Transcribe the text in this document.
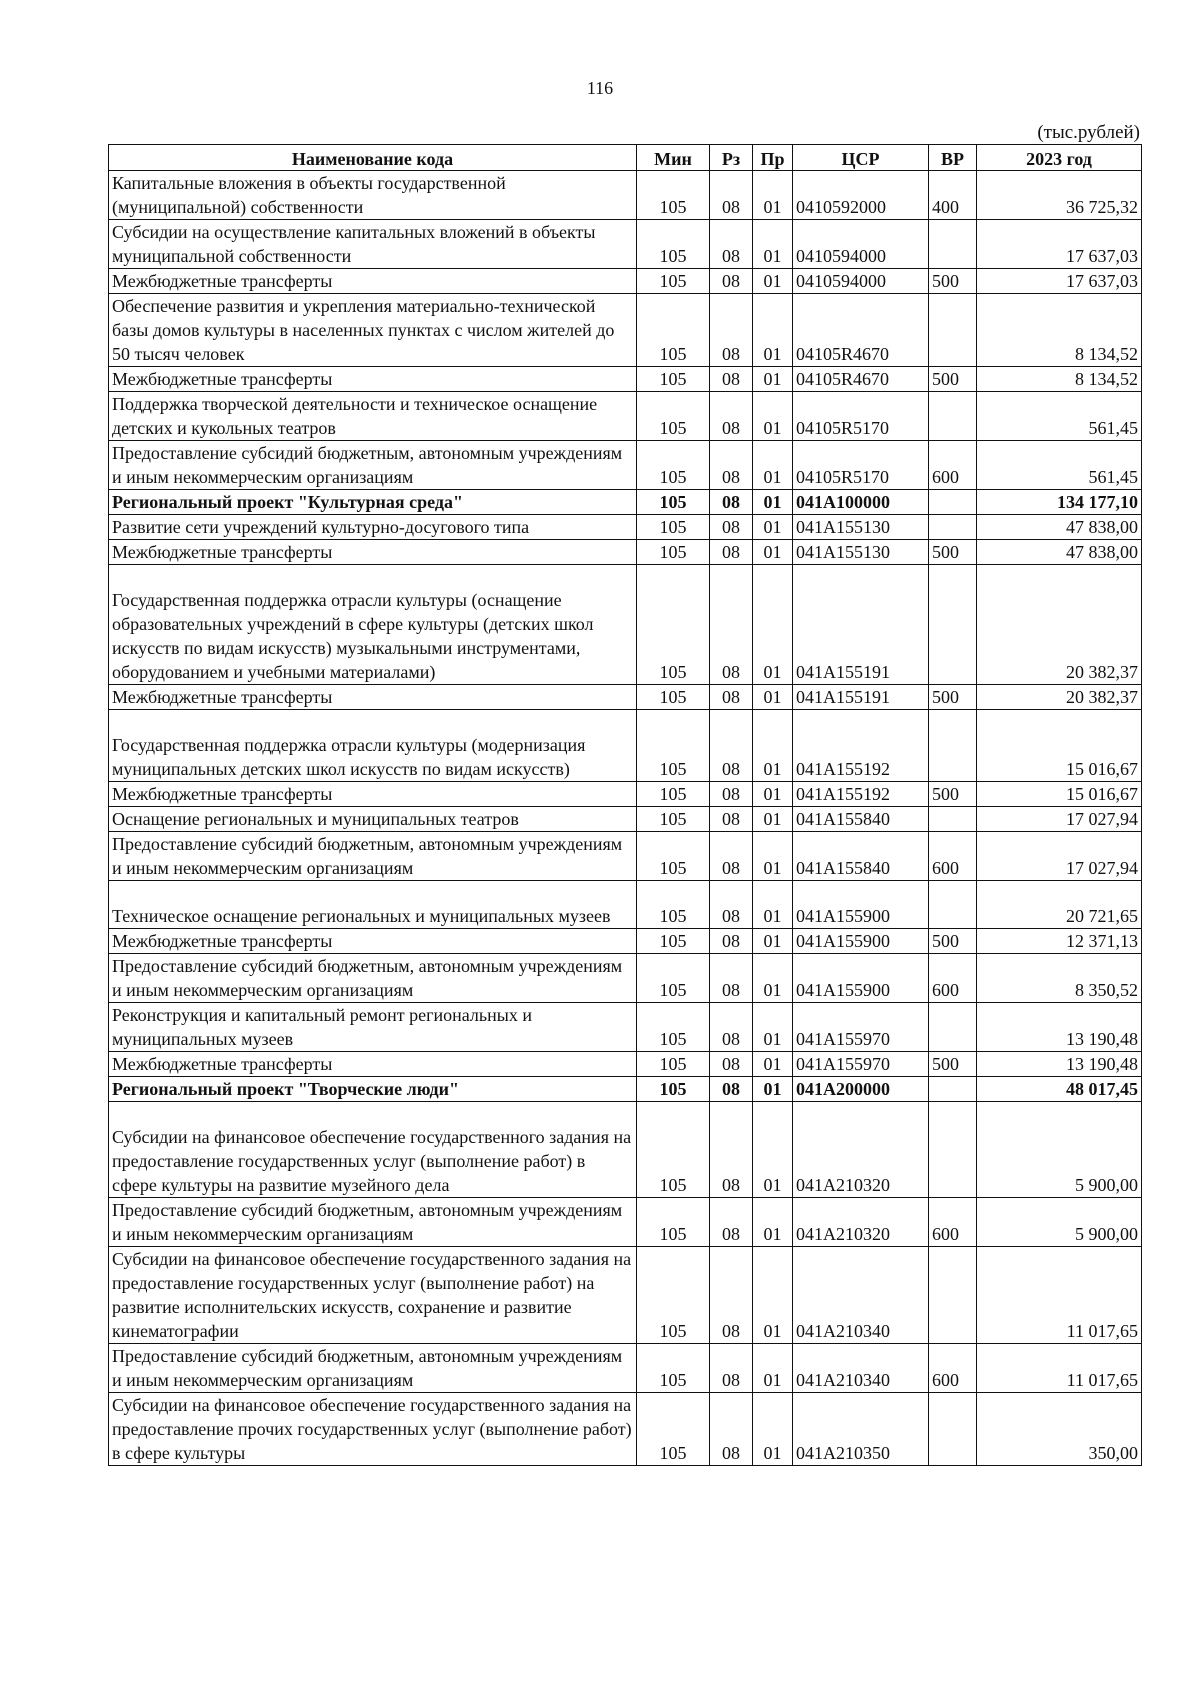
116
(тыс.рублей)
Наименование кода	Мин	Рз	Пр	ЦСР	ВР	2023 год
Капитальные вложения в объекты государственной (муниципальной) собственности	105	08	01	0410592000	400	36 725,32
Субсидии на осуществление капитальных вложений в объекты муниципальной собственности	105	08	01	0410594000		17 637,03
Межбюджетные трансферты	105	08	01	0410594000	500	17 637,03
Обеспечение развития и укрепления материально-технической базы домов культуры в населенных пунктах с числом жителей до 50 тысяч человек	105	08	01	04105R4670		8 134,52
Межбюджетные трансферты	105	08	01	04105R4670	500	8 134,52
Поддержка творческой деятельности и техническое оснащение детских и кукольных театров	105	08	01	04105R5170		561,45
Предоставление субсидий бюджетным, автономным учреждениям и иным некоммерческим организациям	105	08	01	04105R5170	600	561,45
Региональный проект "Культурная среда"	105	08	01	041A100000		134 177,10
Развитие сети учреждений культурно-досугового типа	105	08	01	041A155130		47 838,00
Межбюджетные трансферты	105	08	01	041A155130	500	47 838,00
Государственная поддержка отрасли культуры (оснащение образовательных учреждений в сфере культуры (детских школ искусств по видам искусств) музыкальными инструментами, оборудованием и учебными материалами)	105	08	01	041A155191		20 382,37
Межбюджетные трансферты	105	08	01	041A155191	500	20 382,37
Государственная поддержка отрасли культуры (модернизация муниципальных детских школ искусств по видам искусств)	105	08	01	041A155192		15 016,67
Межбюджетные трансферты	105	08	01	041A155192	500	15 016,67
Оснащение региональных и муниципальных театров	105	08	01	041A155840		17 027,94
Предоставление субсидий бюджетным, автономным учреждениям и иным некоммерческим организациям	105	08	01	041A155840	600	17 027,94
Техническое оснащение региональных и муниципальных музеев	105	08	01	041A155900		20 721,65
Межбюджетные трансферты	105	08	01	041A155900	500	12 371,13
Предоставление субсидий бюджетным, автономным учреждениям и иным некоммерческим организациям	105	08	01	041A155900	600	8 350,52
Реконструкция и капитальный ремонт региональных и муниципальных музеев	105	08	01	041A155970		13 190,48
Межбюджетные трансферты	105	08	01	041A155970	500	13 190,48
Региональный проект "Творческие люди"	105	08	01	041A200000		48 017,45
Субсидии на финансовое обеспечение государственного задания на предоставление государственных услуг (выполнение работ) в сфере культуры на развитие музейного дела	105	08	01	041A210320		5 900,00
Предоставление субсидий бюджетным, автономным учреждениям и иным некоммерческим организациям	105	08	01	041A210320	600	5 900,00
Субсидии на финансовое обеспечение государственного задания на предоставление государственных услуг (выполнение работ) на развитие исполнительских искусств, сохранение и развитие кинематографии	105	08	01	041A210340		11 017,65
Предоставление субсидий бюджетным, автономным учреждениям и иным некоммерческим организациям	105	08	01	041A210340	600	11 017,65
Субсидии на финансовое обеспечение государственного задания на предоставление прочих государственных услуг (выполнение работ) в сфере культуры	105	08	01	041A210350		350,00
